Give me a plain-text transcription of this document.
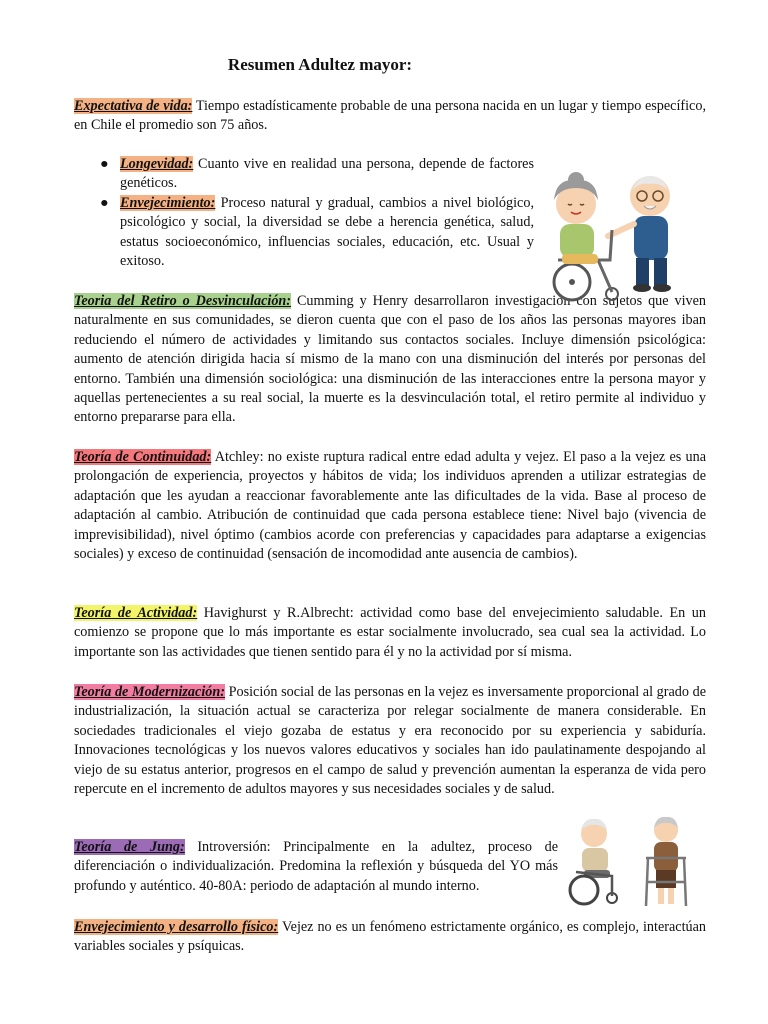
Resumen Adultez mayor:

Expectativa de vida: Tiempo estadísticamente probable de una persona nacida en un lugar y tiempo específico, en Chile el promedio son 75 años.

● Longevidad: Cuanto vive en realidad una persona, depende de factores genéticos.
● Envejecimiento: Proceso natural y gradual, cambios a nivel biológico, psicológico y social, la diversidad se debe a herencia genética, salud, estatus socioeconómico, influencias sociales, educación, etc. Usual y exitoso.

Teoria del Retiro o Desvinculación: Cumming y Henry desarrollaron investigación con sujetos que viven naturalmente en sus comunidades, se dieron cuenta que con el paso de los años las personas mayores iban reduciendo el número de actividades y limitando sus contactos sociales. Incluye dimensión psicológica: aumento de atención dirigida hacia sí mismo de la mano con una disminución del interés por personas del entorno. También una dimensión sociológica: una disminución de las interacciones entre la persona mayor y aquellas pertenecientes a su real social, la muerte es la desvinculación total, el retiro permite al individuo y entorno prepararse para ella.

Teoría de Continuidad: Atchley: no existe ruptura radical entre edad adulta y vejez. El paso a la vejez es una prolongación de experiencia, proyectos y hábitos de vida; los individuos aprenden a utilizar estrategias de adaptación que les ayudan a reaccionar favorablemente ante las dificultades de la vida. Base al proceso de adaptación al cambio. Atribución de continuidad que cada persona establece tiene: Nivel bajo (vivencia de imprevisibilidad), nivel óptimo (cambios acorde con preferencias y capacidades para adaptarse a exigencias sociales) y exceso de continuidad (sensación de incomodidad ante ausencia de cambios).

Teoría de Actividad: Havighurst y R.Albrecht: actividad como base del envejecimiento saludable. En un comienzo se propone que lo más importante es estar socialmente involucrado, sea cual sea la actividad. Lo importante son las actividades que tienen sentido para él y no la actividad por sí misma.

Teoría de Modernización: Posición social de las personas en la vejez es inversamente proporcional al grado de industrialización, la situación actual se caracteriza por relegar socialmente de manera considerable. En sociedades tradicionales el viejo gozaba de estatus y era reconocido por su experiencia y sabiduría. Innovaciones tecnológicas y los nuevos valores educativos y sociales han ido paulatinamente despojando al viejo de su estatus anterior, progresos en el campo de salud y prevención aumentan la esperanza de vida pero repercute en el incremento de adultos mayores y sus necesidades sociales y de salud.

Teoría de Jung: Introversión: Principalmente en la adultez, proceso de diferenciación o individualización. Predomina la reflexión y búsqueda del YO más profundo y auténtico. 40-80A: periodo de adaptación al mundo interno.

Envejecimiento y desarrollo físico: Vejez no es un fenómeno estrictamente orgánico, es complejo, interactúan variables sociales y psíquicas.
